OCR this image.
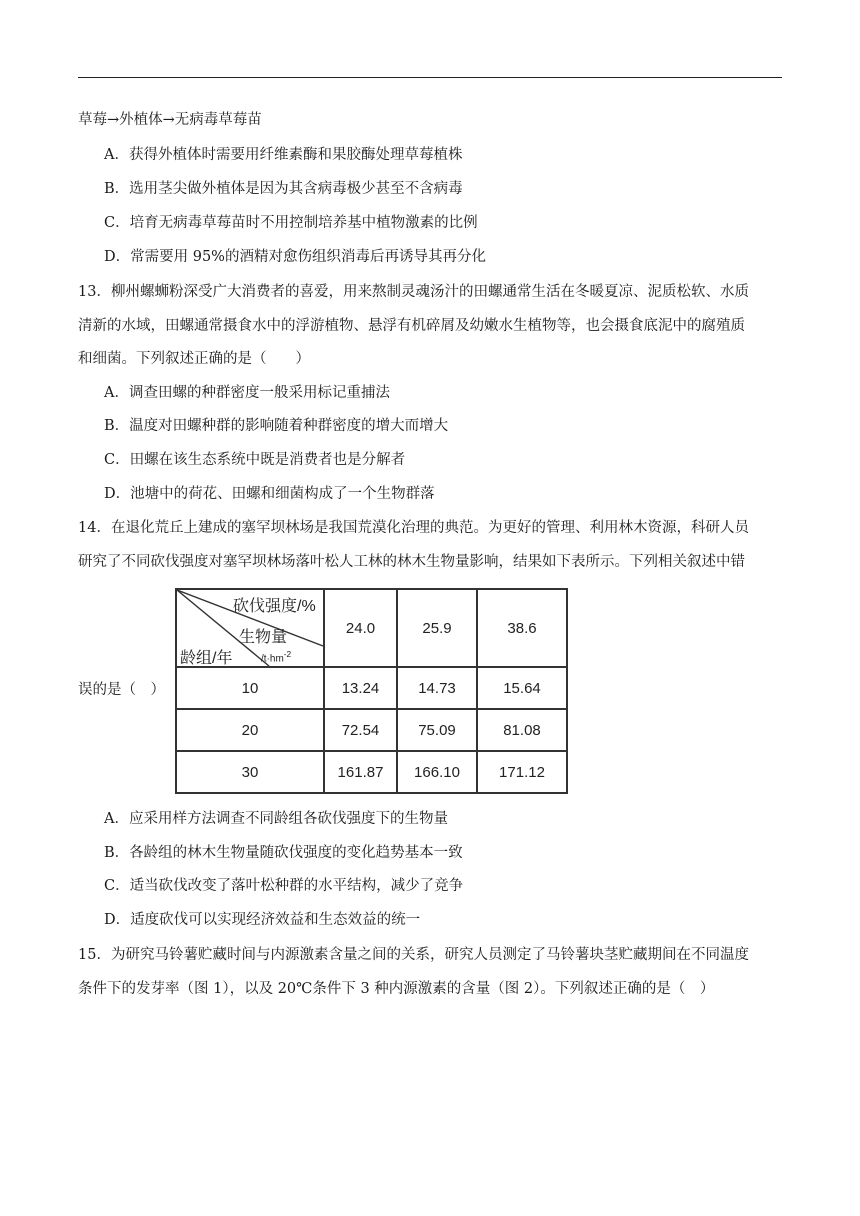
草莓→外植体→无病毒草莓苗
A．获得外植体时需要用纤维素酶和果胶酶处理草莓植株
B．选用茎尖做外植体是因为其含病毒极少甚至不含病毒
C．培育无病毒草莓苗时不用控制培养基中植物激素的比例
D．常需要用 95%的酒精对愈伤组织消毒后再诱导其再分化
13．柳州螺蛳粉深受广大消费者的喜爱，用来熬制灵魂汤汁的田螺通常生活在冬暖夏凉、泥质松软、水质
清新的水域，田螺通常摄食水中的浮游植物、悬浮有机碎屑及幼嫩水生植物等，也会摄食底泥中的腐殖质
和细菌。下列叙述正确的是（　　）
A．调查田螺的种群密度一般采用标记重捕法
B．温度对田螺种群的影响随着种群密度的增大而增大
C．田螺在该生态系统中既是消费者也是分解者
D．池塘中的荷花、田螺和细菌构成了一个生物群落
14．在退化荒丘上建成的塞罕坝林场是我国荒漠化治理的典范。为更好的管理、利用林木资源，科研人员
研究了不同砍伐强度对塞罕坝林场落叶松人工林的林木生物量影响，结果如下表所示。下列相关叙述中错
误的是（　）
砍伐强度/%
生物量
$/t\cdot hm^{-2}$
龄组/年	24.0	25.9	38.6
10	13.24	14.73	15.64
20	72.54	75.09	81.08
30	161.87	166.10	171.12
A．应采用样方法调查不同龄组各砍伐强度下的生物量
B．各龄组的林木生物量随砍伐强度的变化趋势基本一致
C．适当砍伐改变了落叶松种群的水平结构，减少了竞争
D．适度砍伐可以实现经济效益和生态效益的统一
15．为研究马铃薯贮藏时间与内源激素含量之间的关系，研究人员测定了马铃薯块茎贮藏期间在不同温度
条件下的发芽率（图 1），以及 20℃条件下 3 种内源激素的含量（图 2）。下列叙述正确的是（　）
